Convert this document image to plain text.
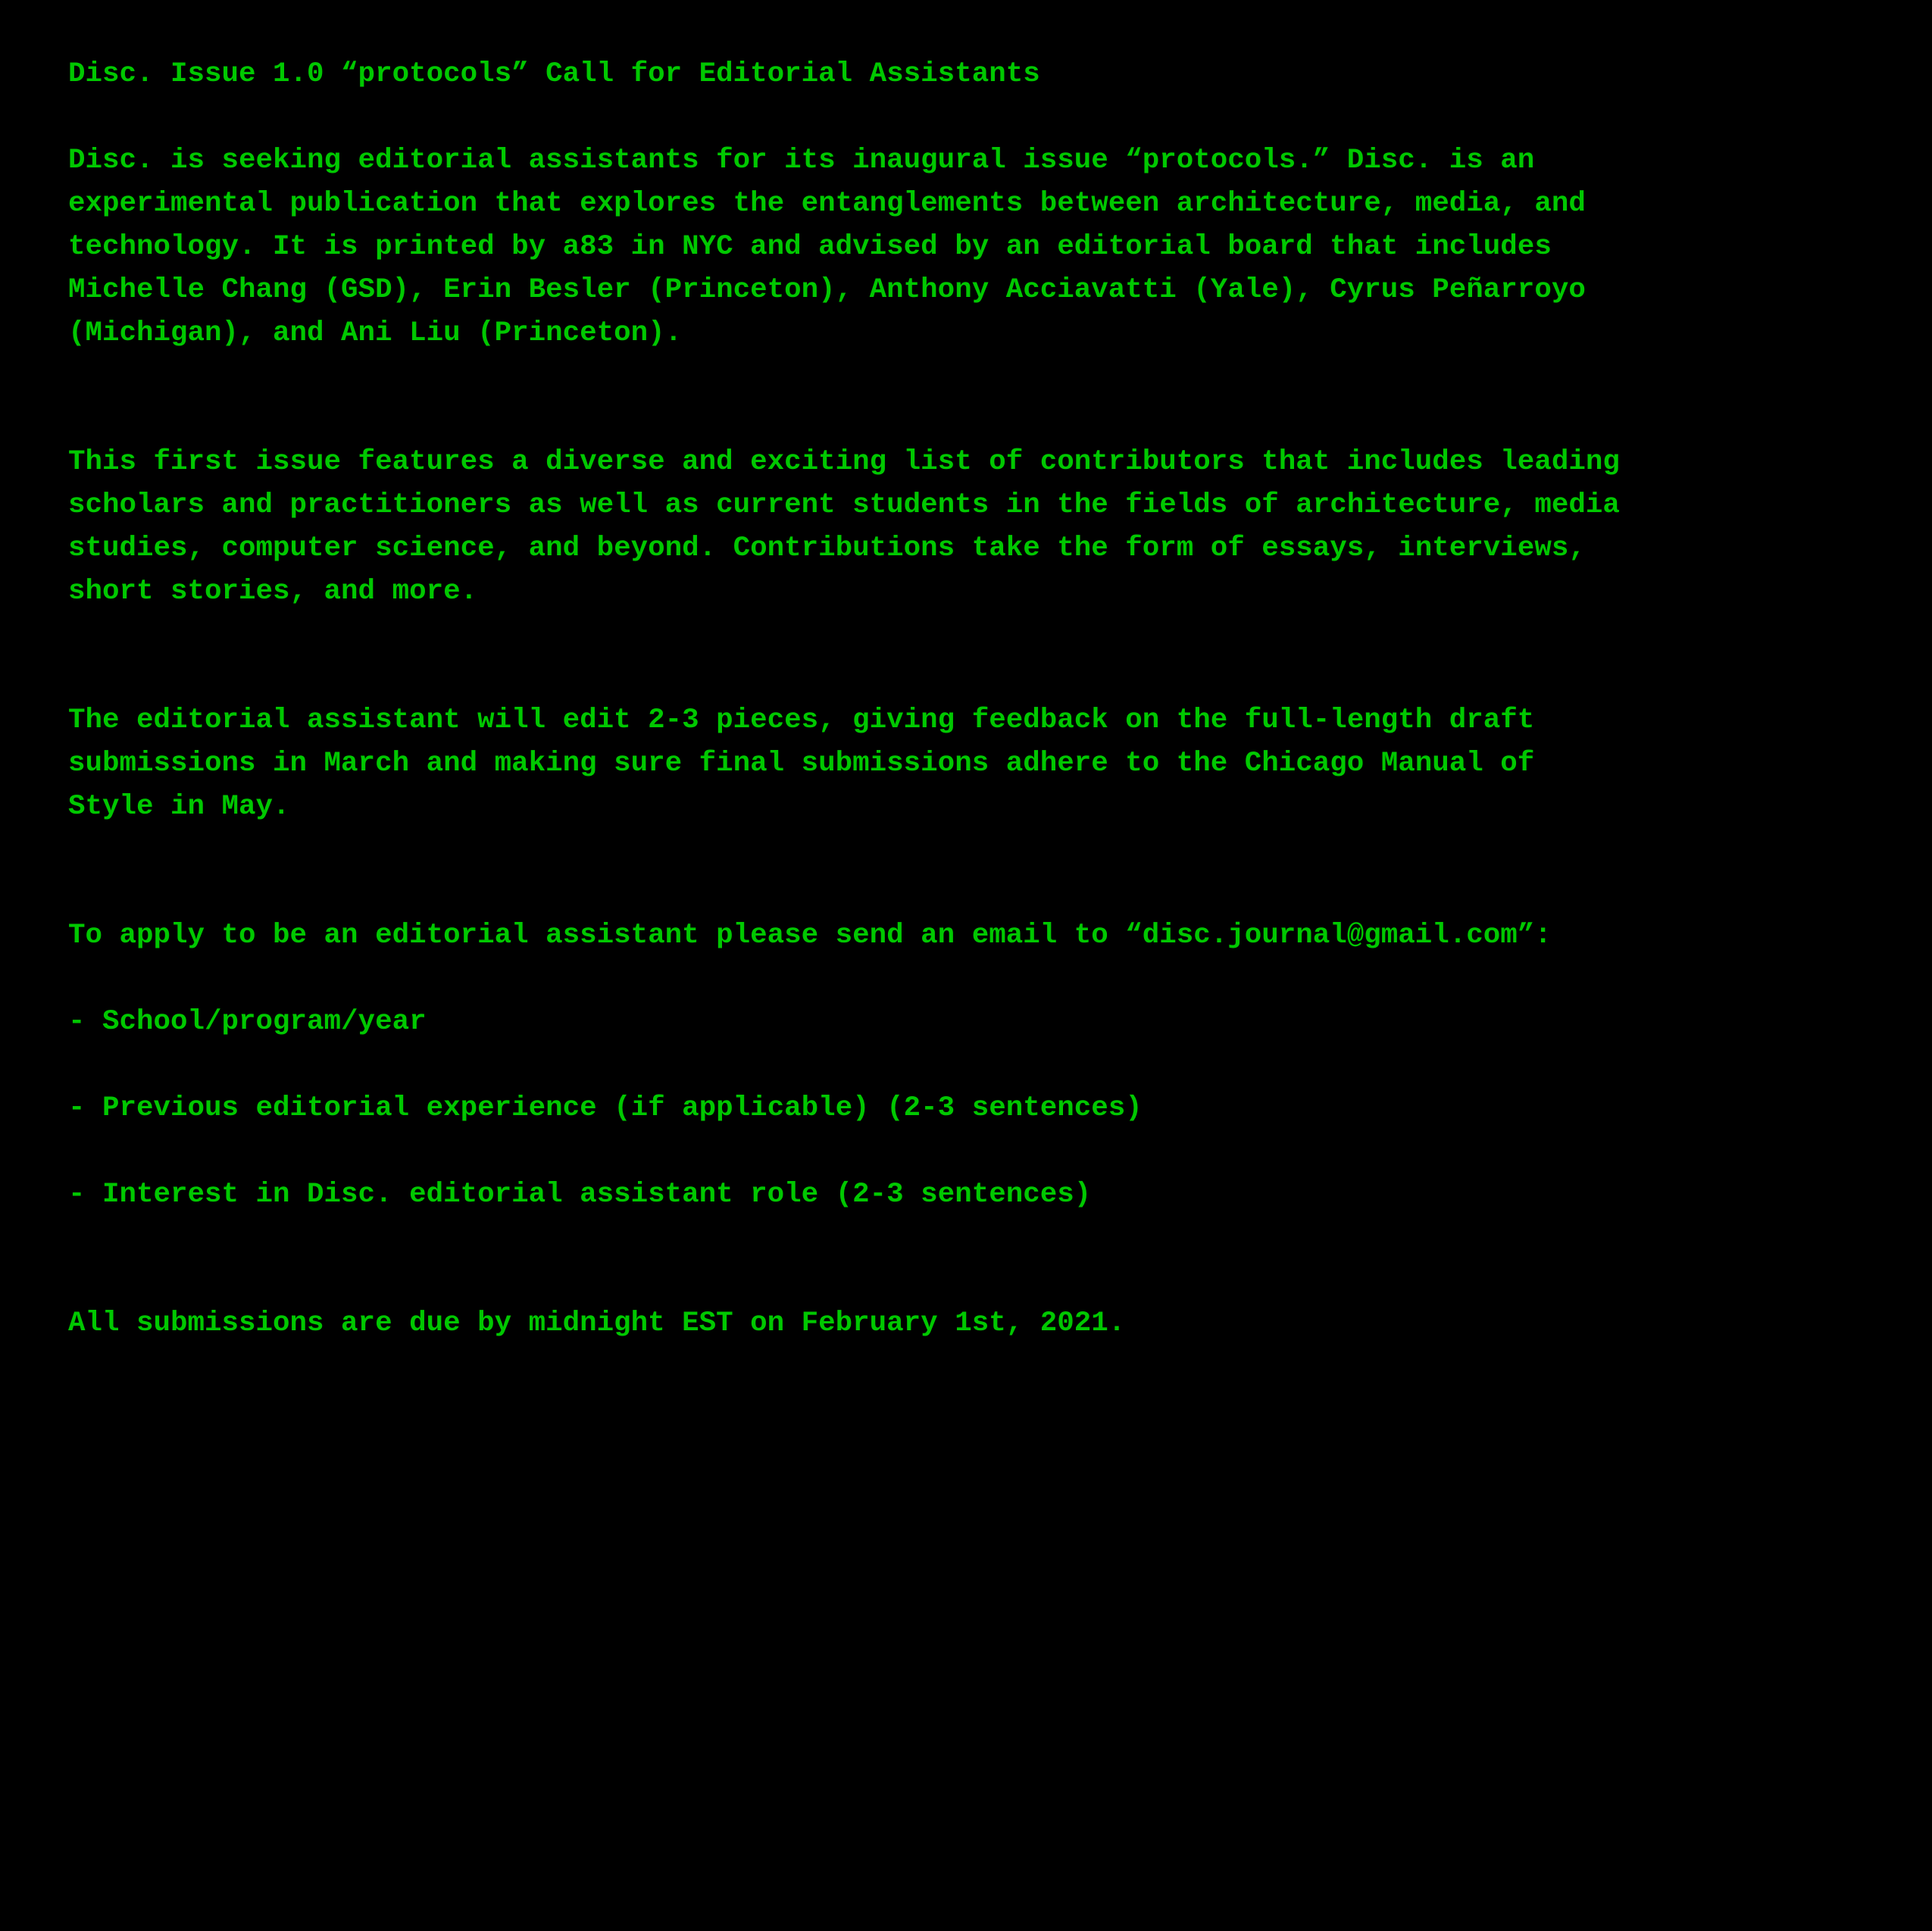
Disc. Issue 1.0 “protocols” Call for Editorial Assistants

Disc. is seeking editorial assistants for its inaugural issue “protocols.” Disc. is an
experimental publication that explores the entanglements between architecture, media, and
technology. It is printed by a83 in NYC and advised by an editorial board that includes
Michelle Chang (GSD), Erin Besler (Princeton), Anthony Acciavatti (Yale), Cyrus Peñarroyo
(Michigan), and Ani Liu (Princeton).

This first issue features a diverse and exciting list of contributors that includes leading
scholars and practitioners as well as current students in the fields of architecture, media
studies, computer science, and beyond. Contributions take the form of essays, interviews,
short stories, and more.

The editorial assistant will edit 2-3 pieces, giving feedback on the full-length draft
submissions in March and making sure final submissions adhere to the Chicago Manual of
Style in May.

To apply to be an editorial assistant please send an email to “disc.journal@gmail.com”:

- School/program/year
- Previous editorial experience (if applicable) (2-3 sentences)
- Interest in Disc. editorial assistant role (2-3 sentences)

All submissions are due by midnight EST on February 1st, 2021.
